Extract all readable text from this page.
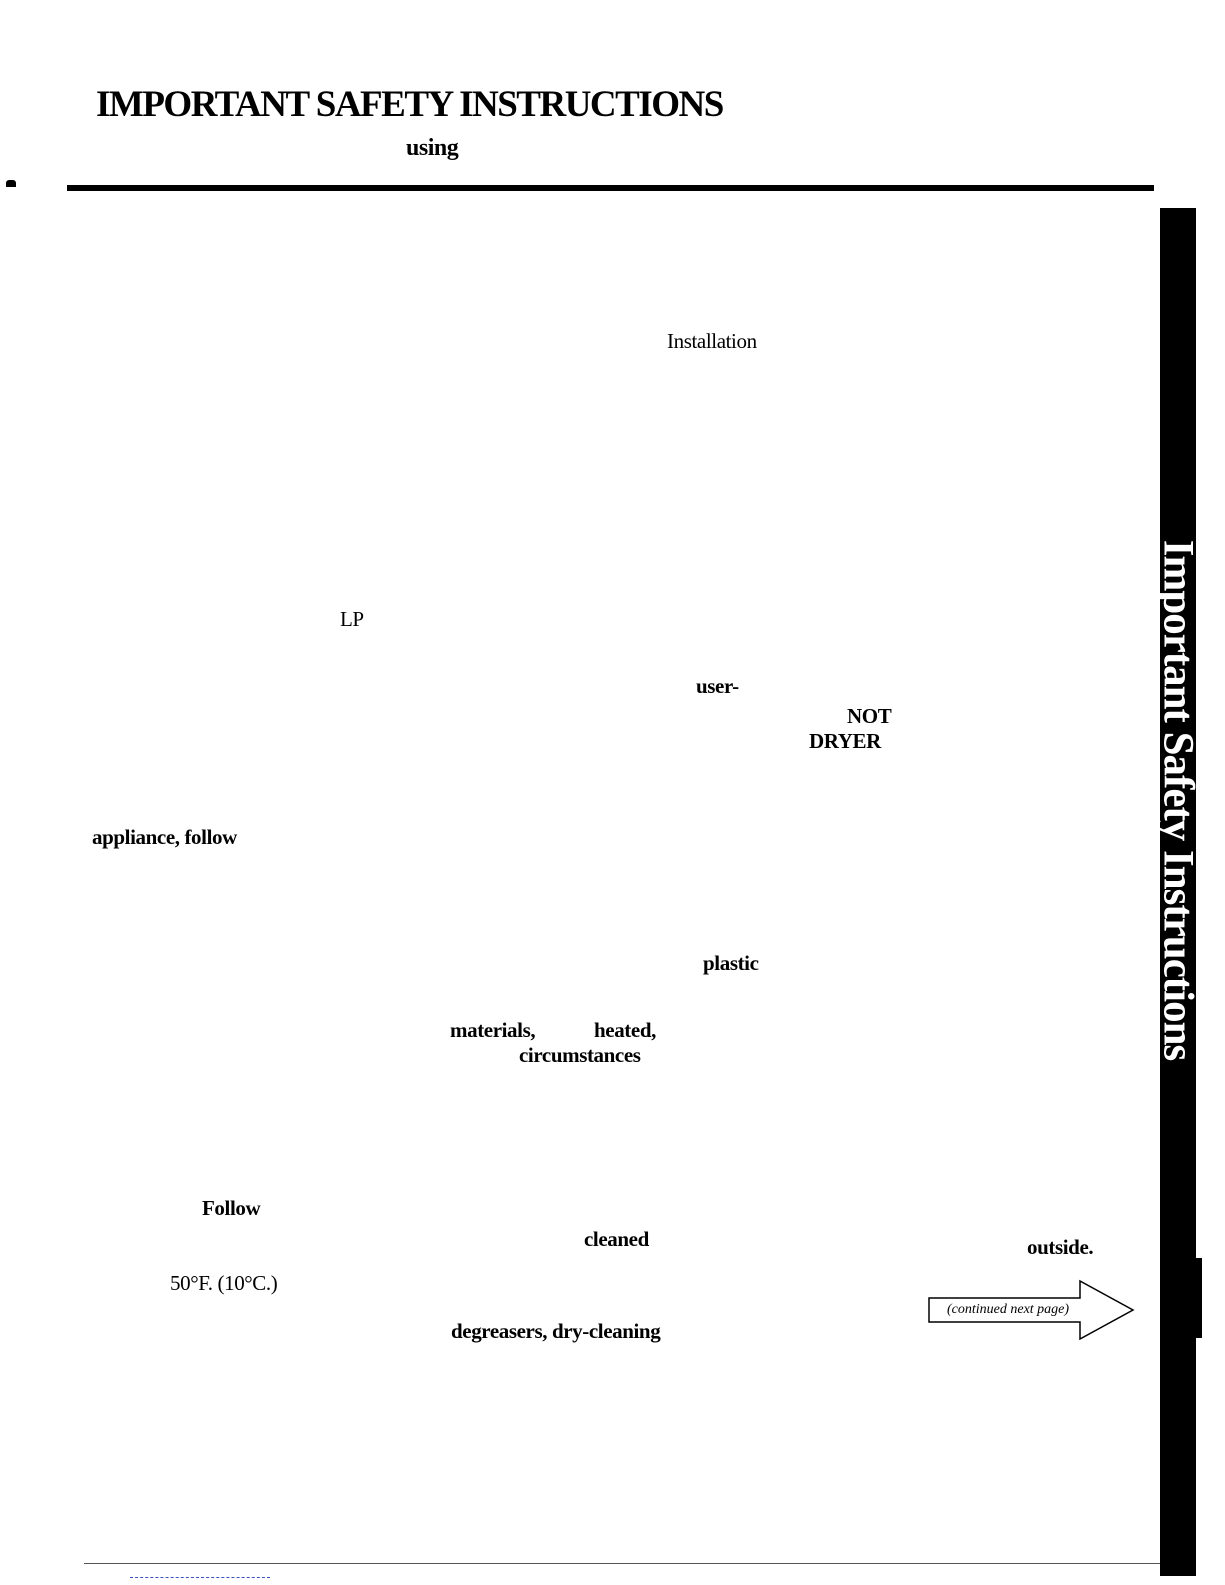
IMPORTANT SAFETY INSTRUCTIONS
using
Installation
LP
user-
NOT
DRYER
appliance, follow
plastic
materials,	heated,
circumstances
Follow
cleaned	outside.
50°F. (10°C.)
degreasers, dry-cleaning
(continued next page)
Important Safety Instructions
